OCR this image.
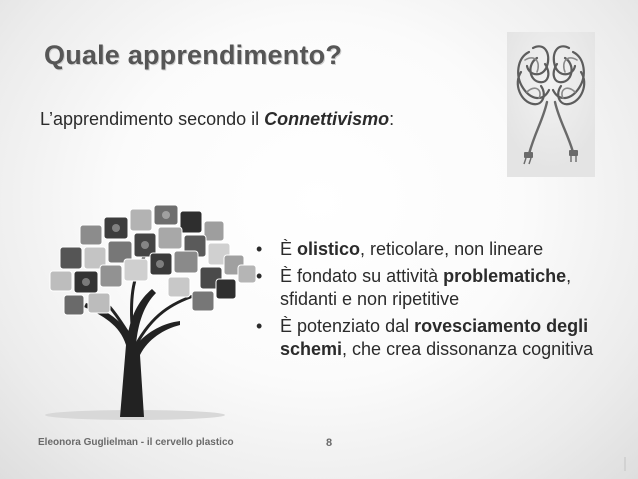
Quale apprendimento?

L’apprendimento secondo il Connettivismo:

• È olistico, reticolare, non lineare
• È fondato su attività problematiche, sfidanti e non ripetitive
• È potenziato dal rovesciamento degli schemi, che crea dissonanza cognitiva
Eleonora Guglielman - il cervello plastico	8
